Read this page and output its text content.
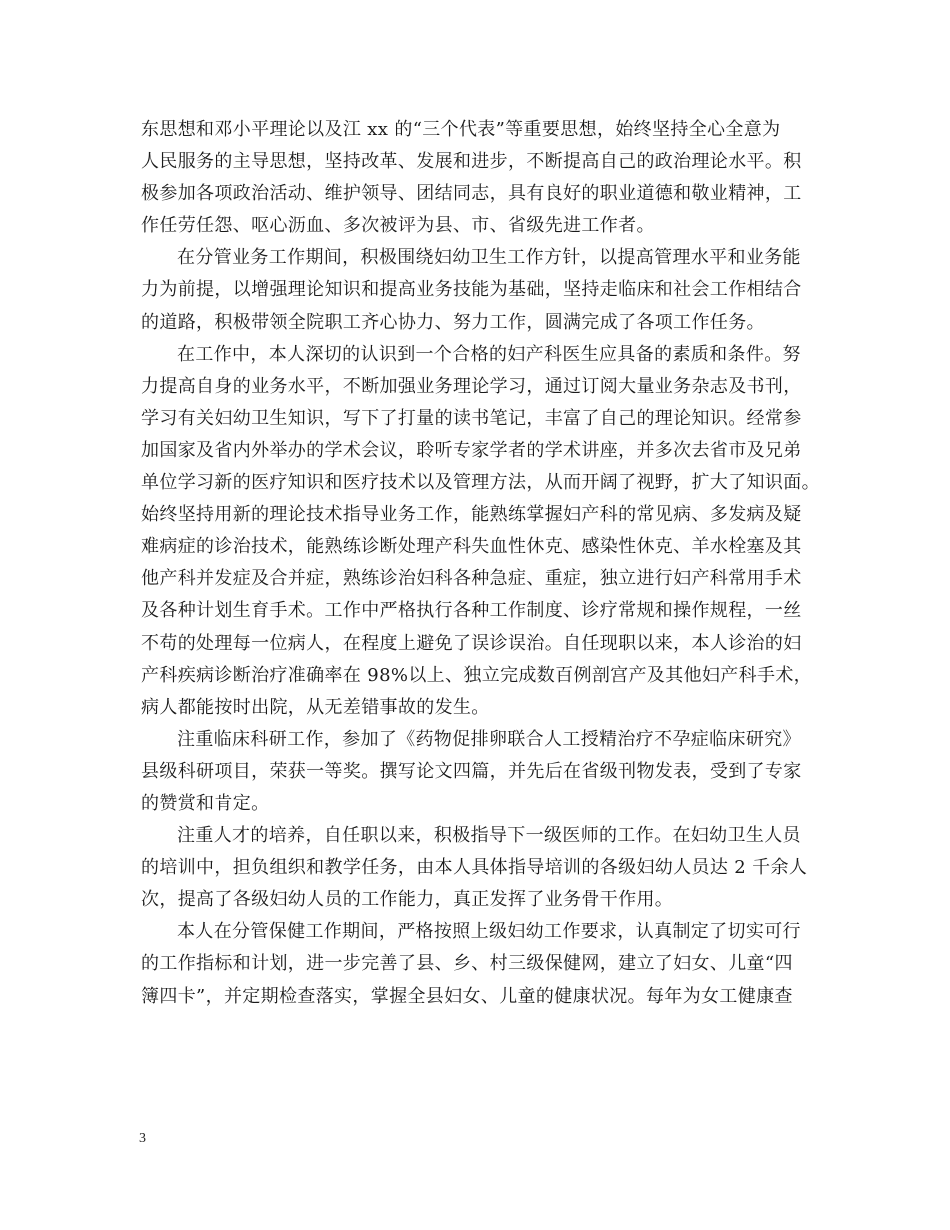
东思想和邓小平理论以及江 xx 的“三个代表”等重要思想，始终坚持全心全意为
人民服务的主导思想，坚持改革、发展和进步，不断提高自己的政治理论水平。积
极参加各项政治活动、维护领导、团结同志，具有良好的职业道德和敬业精神，工
作任劳任怨、呕心沥血、多次被评为县、市、省级先进工作者。
在分管业务工作期间，积极围绕妇幼卫生工作方针，以提高管理水平和业务能
力为前提，以增强理论知识和提高业务技能为基础，坚持走临床和社会工作相结合
的道路，积极带领全院职工齐心协力、努力工作，圆满完成了各项工作任务。
在工作中，本人深切的认识到一个合格的妇产科医生应具备的素质和条件。努
力提高自身的业务水平，不断加强业务理论学习，通过订阅大量业务杂志及书刊，
学习有关妇幼卫生知识，写下了打量的读书笔记，丰富了自己的理论知识。经常参
加国家及省内外举办的学术会议，聆听专家学者的学术讲座，并多次去省市及兄弟
单位学习新的医疗知识和医疗技术以及管理方法，从而开阔了视野，扩大了知识面。
始终坚持用新的理论技术指导业务工作，能熟练掌握妇产科的常见病、多发病及疑
难病症的诊治技术，能熟练诊断处理产科失血性休克、感染性休克、羊水栓塞及其
他产科并发症及合并症，熟练诊治妇科各种急症、重症，独立进行妇产科常用手术
及各种计划生育手术。工作中严格执行各种工作制度、诊疗常规和操作规程，一丝
不苟的处理每一位病人，在程度上避免了误诊误治。自任现职以来，本人诊治的妇
产科疾病诊断治疗准确率在 98%以上、独立完成数百例剖宫产及其他妇产科手术，
病人都能按时出院，从无差错事故的发生。
注重临床科研工作，参加了《药物促排卵联合人工授精治疗不孕症临床研究》
县级科研项目，荣获一等奖。撰写论文四篇，并先后在省级刊物发表，受到了专家
的赞赏和肯定。
注重人才的培养，自任职以来，积极指导下一级医师的工作。在妇幼卫生人员
的培训中，担负组织和教学任务，由本人具体指导培训的各级妇幼人员达 2 千余人
次，提高了各级妇幼人员的工作能力，真正发挥了业务骨干作用。
本人在分管保健工作期间，严格按照上级妇幼工作要求，认真制定了切实可行
的工作指标和计划，进一步完善了县、乡、村三级保健网，建立了妇女、儿童“四
簿四卡”，并定期检查落实，掌握全县妇女、儿童的健康状况。每年为女工健康查
3
